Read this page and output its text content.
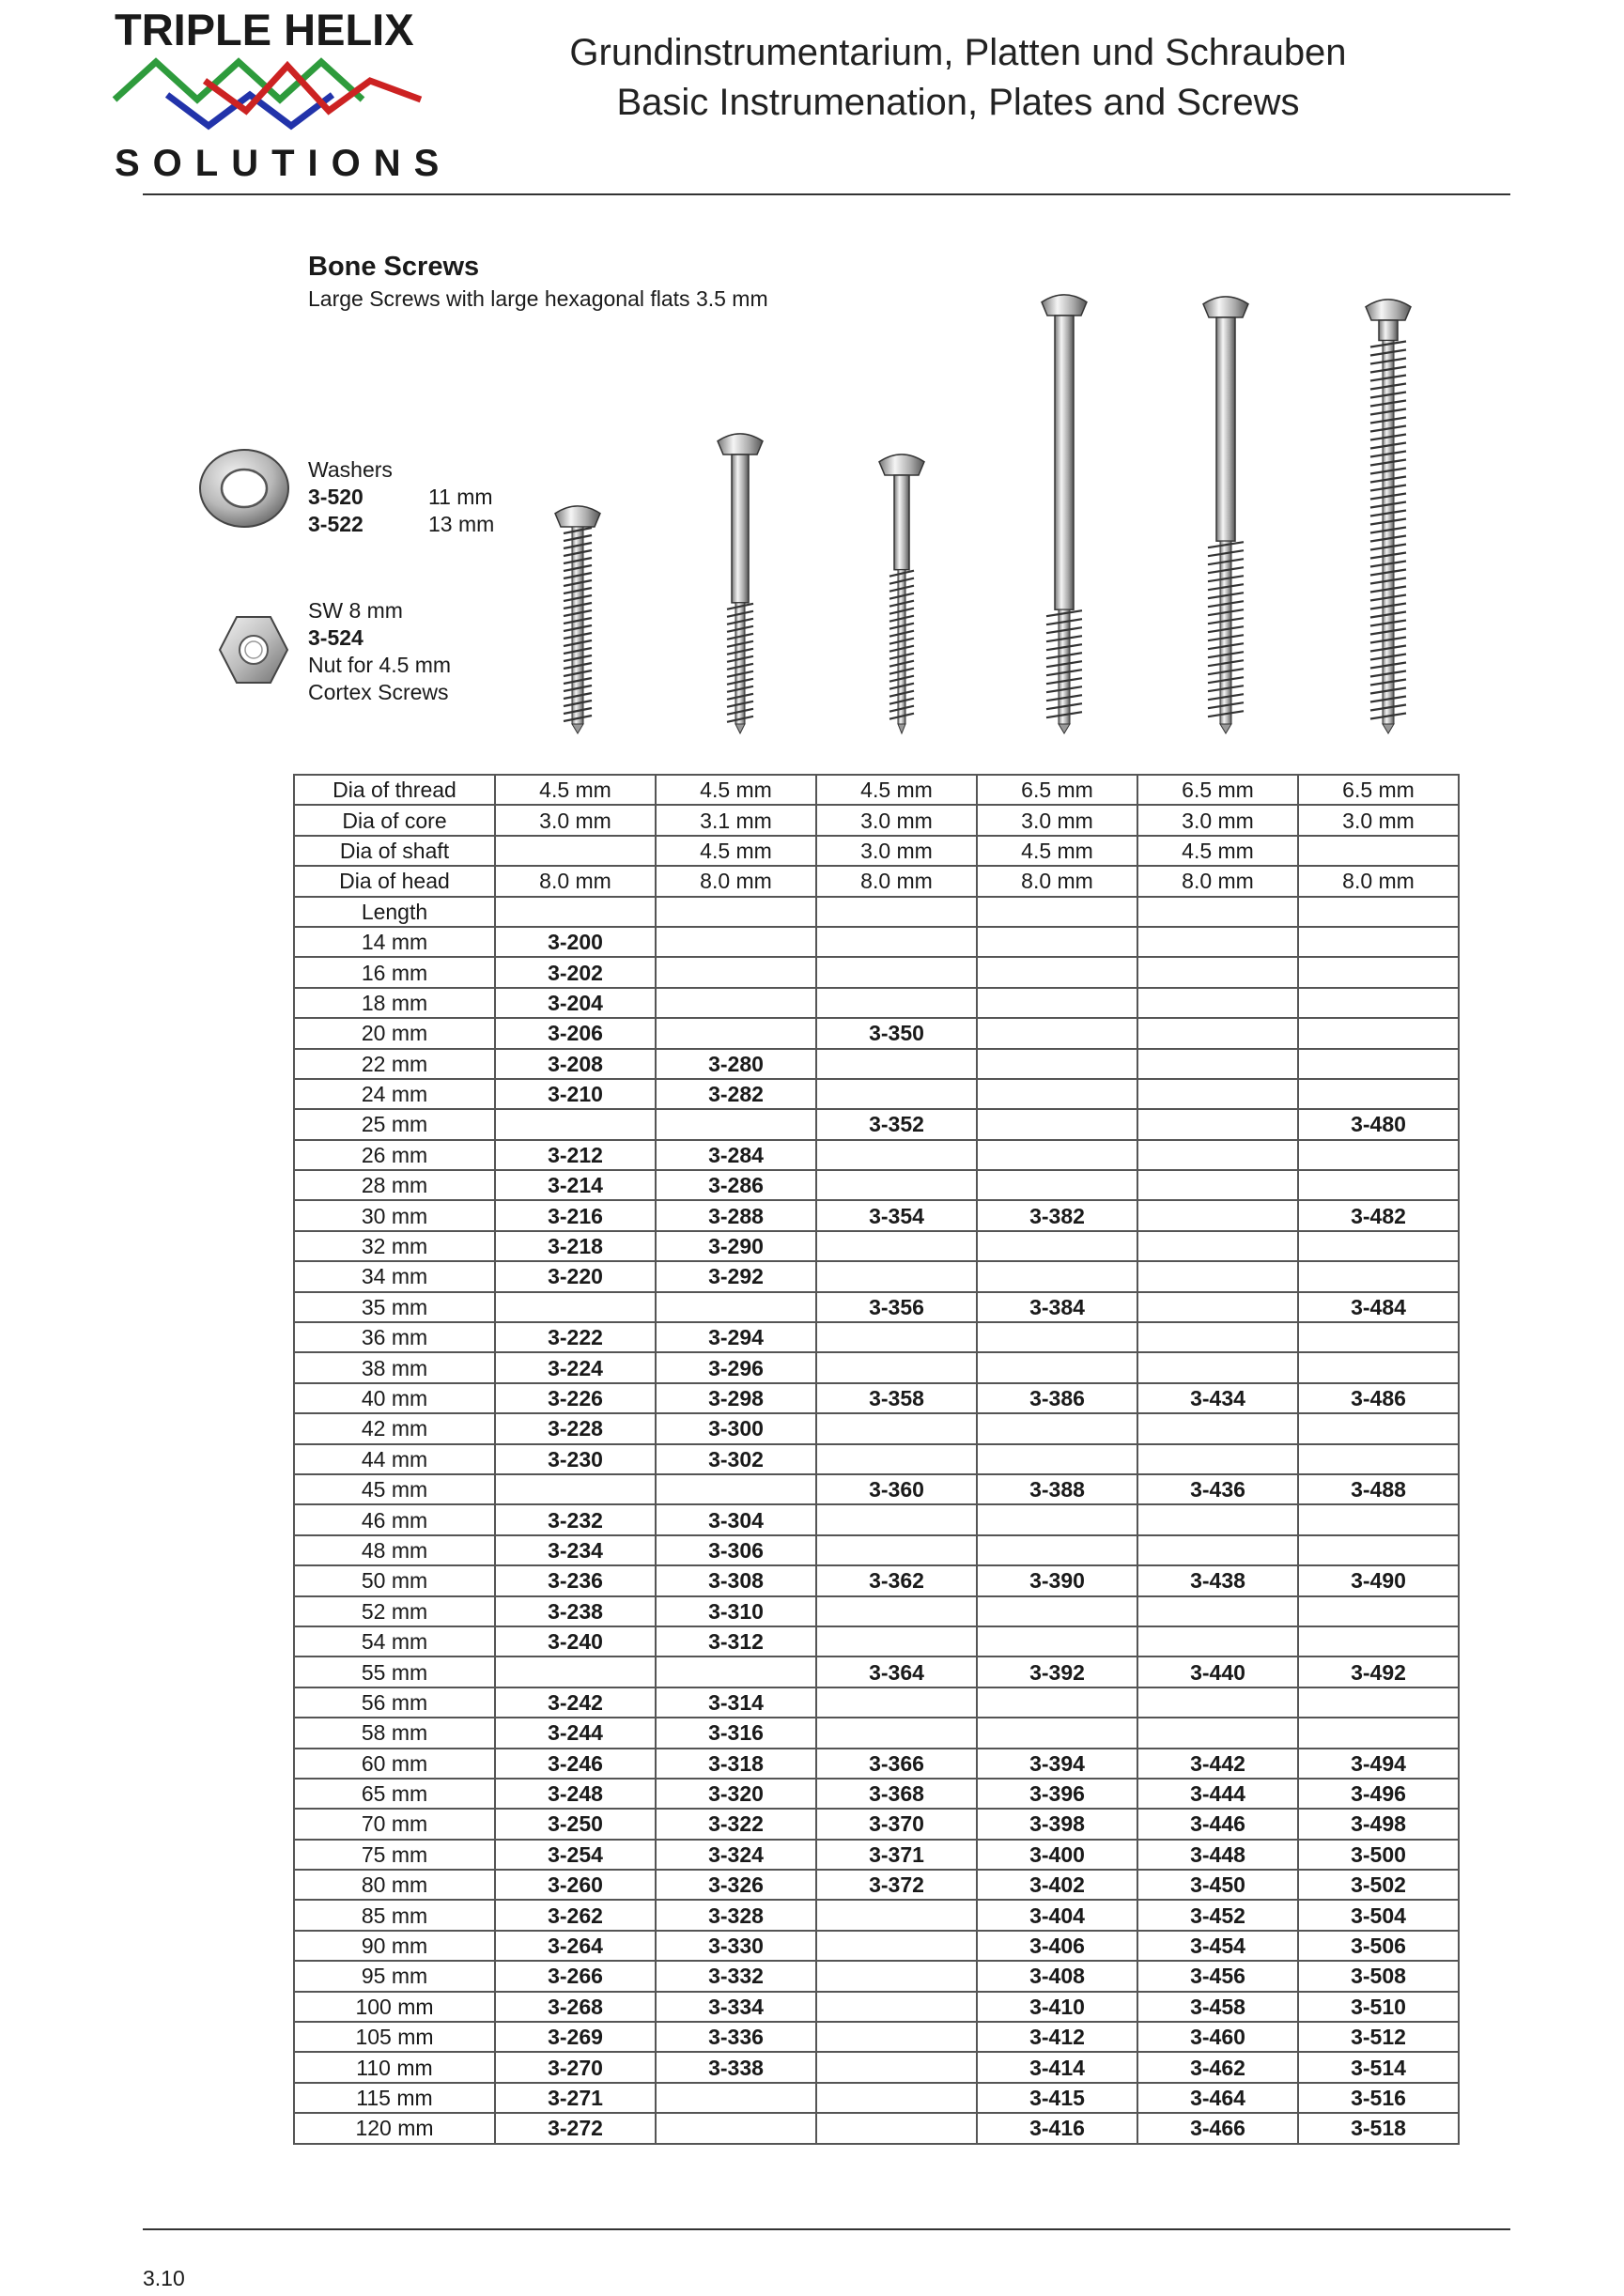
TRIPLE HELIX
SOLUTIONS
Grundinstrumentarium, Platten und Schrauben
Basic Instrumenation, Plates and Screws
Bone Screws
Large Screws with large hexagonal flats 3.5 mm
Washers
3-520	11 mm
3-522	13 mm
SW 8 mm
3-524
Nut for 4.5 mm
Cortex Screws
Dia of thread	4.5 mm	4.5 mm	4.5 mm	6.5 mm	6.5 mm	6.5 mm
Dia of core	3.0 mm	3.1 mm	3.0 mm	3.0 mm	3.0 mm	3.0 mm
Dia of shaft		4.5 mm	3.0 mm	4.5 mm	4.5 mm	
Dia of head	8.0 mm	8.0 mm	8.0 mm	8.0 mm	8.0 mm	8.0 mm
Length						
14 mm	3-200					
16 mm	3-202					
18 mm	3-204					
20 mm	3-206		3-350			
22 mm	3-208	3-280				
24 mm	3-210	3-282				
25 mm			3-352			3-480
26 mm	3-212	3-284				
28 mm	3-214	3-286				
30 mm	3-216	3-288	3-354	3-382		3-482
32 mm	3-218	3-290				
34 mm	3-220	3-292				
35 mm			3-356	3-384		3-484
36 mm	3-222	3-294				
38 mm	3-224	3-296				
40 mm	3-226	3-298	3-358	3-386	3-434	3-486
42 mm	3-228	3-300				
44 mm	3-230	3-302				
45 mm			3-360	3-388	3-436	3-488
46 mm	3-232	3-304				
48 mm	3-234	3-306				
50 mm	3-236	3-308	3-362	3-390	3-438	3-490
52 mm	3-238	3-310				
54 mm	3-240	3-312				
55 mm			3-364	3-392	3-440	3-492
56 mm	3-242	3-314				
58 mm	3-244	3-316				
60 mm	3-246	3-318	3-366	3-394	3-442	3-494
65 mm	3-248	3-320	3-368	3-396	3-444	3-496
70 mm	3-250	3-322	3-370	3-398	3-446	3-498
75 mm	3-254	3-324	3-371	3-400	3-448	3-500
80 mm	3-260	3-326	3-372	3-402	3-450	3-502
85 mm	3-262	3-328		3-404	3-452	3-504
90 mm	3-264	3-330		3-406	3-454	3-506
95 mm	3-266	3-332		3-408	3-456	3-508
100 mm	3-268	3-334		3-410	3-458	3-510
105 mm	3-269	3-336		3-412	3-460	3-512
110 mm	3-270	3-338		3-414	3-462	3-514
115 mm	3-271			3-415	3-464	3-516
120 mm	3-272			3-416	3-466	3-518
3.10
